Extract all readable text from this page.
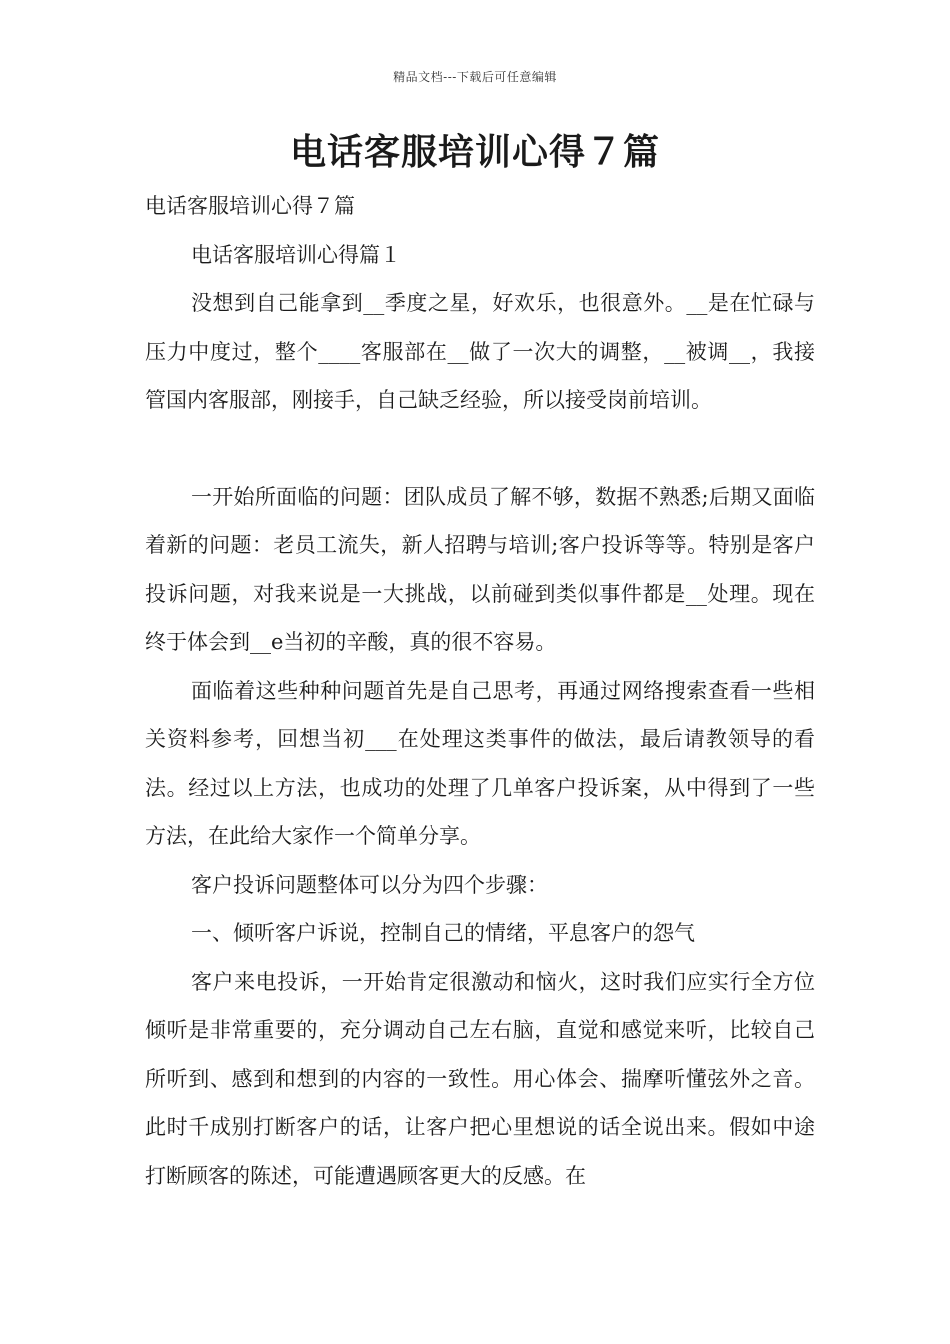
精品文档---下载后可任意编辑
电话客服培训心得７篇

电话客服培训心得７篇

电话客服培训心得篇１

没想到自己能拿到__季度之星，好欢乐，也很意外。__是在忙碌与压力中度过，整个____客服部在__做了一次大的调整，__被调__，我接管国内客服部，刚接手，自己缺乏经验，所以接受岗前培训。

一开始所面临的问题：团队成员了解不够，数据不熟悉;后期又面临着新的问题：老员工流失，新人招聘与培训;客户投诉等等。特别是客户投诉问题，对我来说是一大挑战，以前碰到类似事件都是__处理。现在终于体会到__e当初的辛酸，真的很不容易。

面临着这些种种问题首先是自己思考，再通过网络搜索查看一些相关资料参考，回想当初___在处理这类事件的做法，最后请教领导的看法。经过以上方法，也成功的处理了几单客户投诉案，从中得到了一些方法，在此给大家作一个简单分享。

客户投诉问题整体可以分为四个步骤：

一、倾听客户诉说，控制自己的情绪，平息客户的怨气

客户来电投诉，一开始肯定很激动和恼火，这时我们应实行全方位倾听是非常重要的，充分调动自己左右脑，直觉和感觉来听，比较自己所听到、感到和想到的内容的一致性。用心体会、揣摩听懂弦外之音。此时千成别打断客户的话，让客户把心里想说的话全说出来。假如中途打断顾客的陈述，可能遭遇顾客更大的反感。在
